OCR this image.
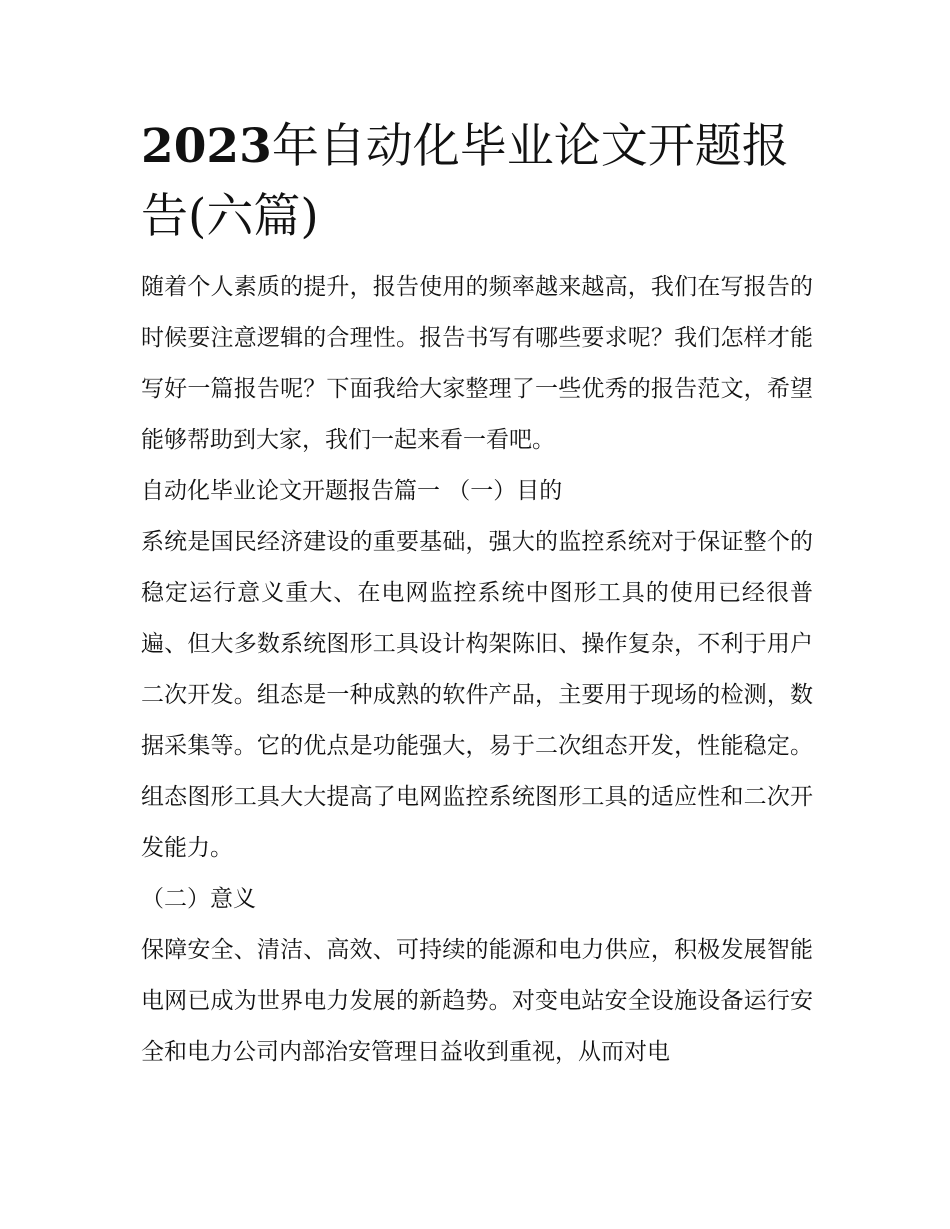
2023年自动化毕业论文开题报告(六篇)

随着个人素质的提升，报告使用的频率越来越高，我们在写报告的时候要注意逻辑的合理性。报告书写有哪些要求呢？我们怎样才能写好一篇报告呢？下面我给大家整理了一些优秀的报告范文，希望能够帮助到大家，我们一起来看一看吧。

自动化毕业论文开题报告篇一 （一）目的

系统是国民经济建设的重要基础，强大的监控系统对于保证整个的稳定运行意义重大、在电网监控系统中图形工具的使用已经很普遍、但大多数系统图形工具设计构架陈旧、操作复杂，不利于用户二次开发。组态是一种成熟的软件产品，主要用于现场的检测，数据采集等。它的优点是功能强大，易于二次组态开发，性能稳定。组态图形工具大大提高了电网监控系统图形工具的适应性和二次开发能力。

（二）意义

保障安全、清洁、高效、可持续的能源和电力供应，积极发展智能电网已成为世界电力发展的新趋势。对变电站安全设施设备运行安全和电力公司内部治安管理日益收到重视，从而对电
